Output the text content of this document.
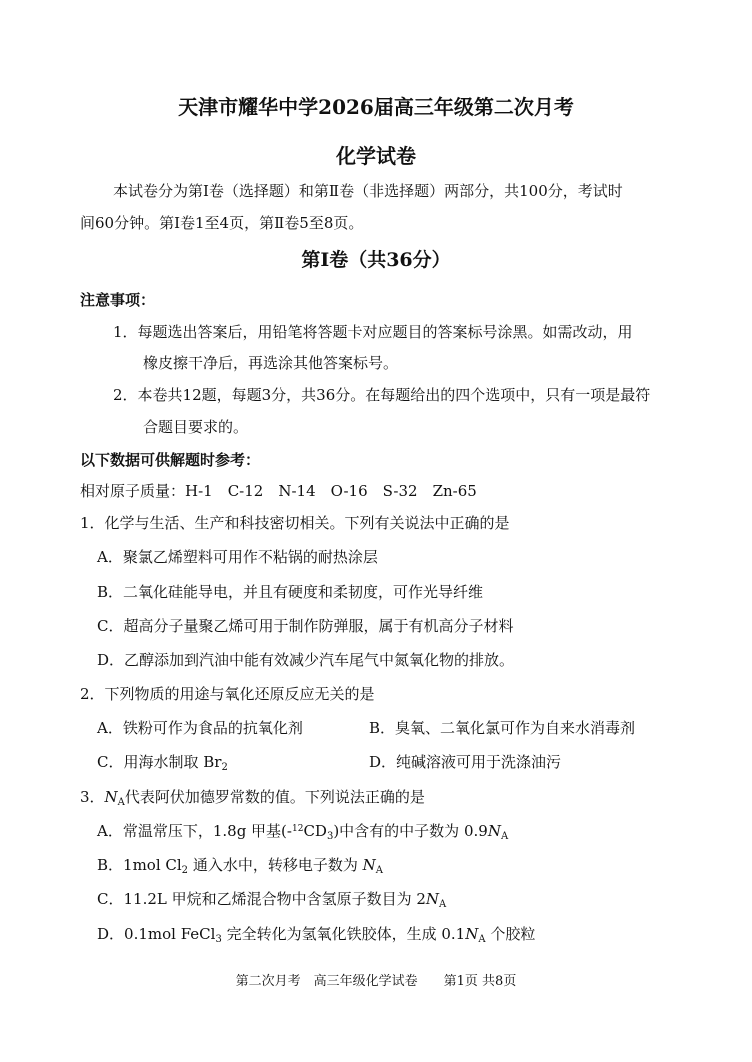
天津市耀华中学2026届高三年级第二次月考
化学试卷
本试卷分为第Ⅰ卷（选择题）和第Ⅱ卷（非选择题）两部分，共100分，考试时
间60分钟。第Ⅰ卷1至4页，第Ⅱ卷5至8页。
第Ⅰ卷（共36分）
注意事项：
1．每题选出答案后，用铅笔将答题卡对应题目的答案标号涂黑。如需改动，用
橡皮擦干净后，再选涂其他答案标号。
2．本卷共12题，每题3分，共36分。在每题给出的四个选项中，只有一项是最符
合题目要求的。
以下数据可供解题时参考：
相对原子质量：H-1　C-12　N-14　O-16　S-32　Zn-65
1．化学与生活、生产和科技密切相关。下列有关说法中正确的是
A．聚氯乙烯塑料可用作不粘锅的耐热涂层
B．二氧化硅能导电，并且有硬度和柔韧度，可作光导纤维
C．超高分子量聚乙烯可用于制作防弹服，属于有机高分子材料
D．乙醇添加到汽油中能有效减少汽车尾气中氮氧化物的排放。
2．下列物质的用途与氧化还原反应无关的是
A．铁粉可作为食品的抗氧化剂	B．臭氧、二氧化氯可作为自来水消毒剂
C．用海水制取 $Br_2$	D．纯碱溶液可用于洗涤油污
3．$N_A$代表阿伏加德罗常数的值。下列说法正确的是
A．常温常压下，1.8g 甲基$(-^{12}CD_3)$中含有的中子数为 $0.9N_A$
B．1mol $Cl_2$ 通入水中，转移电子数为 $N_A$
C．11.2L 甲烷和乙烯混合物中含氢原子数目为 $2N_A$
D．0.1mol FeCl$_3$ 完全转化为氢氧化铁胶体，生成 $0.1N_A$ 个胶粒
第二次月考　高三年级化学试卷　　第1页 共8页
